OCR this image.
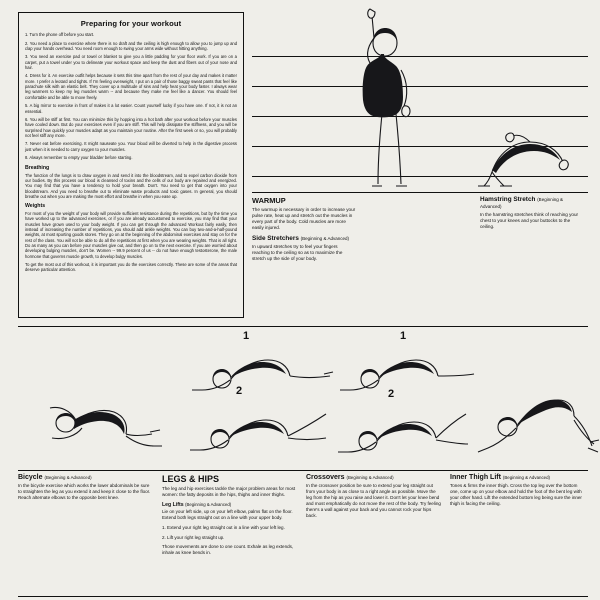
Preparing for your workout

1. Turn the phone off before you start.

2. You need a place to exercise where there is no draft and the ceiling is high enough to allow you to jump up and clap your hands overhead. You need room enough to swing your arms wide without hitting anything.

3. You need an exercise pad or towel or blanket to give you a little padding for your floor work. If you are on a carpet, put a towel under you to delineate your workout space and keep the dust and fibers out of your nose and hair.

4. Dress for it. An exercise outfit helps because it sets this time apart from the rest of your day and makes it matter more. I prefer a leotard and tights. If I'm feeling overweight, I put on a pair of those baggy sweat pants that feel like parachute silk with an elastic belt. They cover up a multitude of sins and help heat your body faster. I always wear leg warmers to keep my leg muscles warm -- and because they make me feel like a dancer. You should feel comfortable and be able to move freely.

5. A big mirror to exercise in front of makes it a lot easier. Count yourself lucky if you have one. If not, it is not an essential.

6. You will be stiff at first. You can minimize this by hopping into a hot bath after your workout before your muscles have cooled down. But do your exercises even if you are stiff. This will help dissipate the stiffness, and you will be surprised how quickly your muscles adapt as you maintain your routine. After the first week or so, you will probably not feel stiff any more.

7. Never eat before exercising. It might nauseate you. Your blood will be diverted to help in the digestive process just when it is needed to carry oxygen to your muscles.

8. Always remember to empty your bladder before starting.

Breathing

The function of the lungs is to draw oxygen in and send it into the bloodstream, and to expel carbon dioxide from our bodies. By this process our blood is cleansed of toxins and the cells of our body are repaired and energized. You may find that you have a tendency to hold your breath. Don't. You need to get that oxygen into your bloodstream. And you need to breathe out to eliminate waste products and toxic gases. In general, you should breathe out when you are making the most effort and breathe in when you ease up.

Weights

For most of you the weight of your body will provide sufficient resistance during the repetitions, but by the time you have worked up to the advanced exercises, or if you are already accustomed to exercise, you may find that your muscles have grown used to your body weight. If you can get through the advanced Workout fairly easily, then instead of increasing the number of repetitions, you should add ankle weights. You can buy two-and-a-half-pound weights, at most sporting goods stores. They go on at the beginning of the abdominal exercises and stay on for the rest of the class. You will not be able to do all the repetitions at first when you are wearing weights. That is all right. Do as many as you can before your muscles give out, and then go on to the next exercise. If you are worried about developing bulging muscles, don't be. Women -- 99.9 percent of us -- do not have enough testosterone, the male hormone that governs muscle growth, to develop bulgy muscles.

To get the most out of this workout, it is important you do the exercises correctly. These are some of the areas that deserve particular attention.

WARMUP

The warmup is necessary in order to increase your pulse rate, heat up and stretch out the muscles in every part of the body. Cold muscles are more easily injured.

Side Stretchers (Beginning & Advanced)

In upward stretches try to feel your fingers reaching to the ceiling so as to maximize the stretch up the side of your body.

Hamstring Stretch (Beginning & Advanced)

In the hamstring stretches think of reaching your chest to your knees and your buttocks to the ceiling.

1
2
1
2
Bicycle (Beginning & Advanced)

In the bicycle exercise which works the lower abdominals be sure to straighten the leg as you extend it and keep it close to the floor. Reach alternate elbows to the opposite bent knee.

LEGS & HIPS

The leg and hip exercises tackle the major problem areas for most women: the fatty deposits in the hips, thighs and inner thighs.

Leg Lifts (Beginning & Advanced)

Lie on your left side, up on your left elbow, palms flat on the floor. Extend both legs straight out on a line with your upper body.

1. Extend your right leg straight out in a line with your left leg.

2. Lift your right leg straight up.

Those movements are done to one count. Exhale as leg extends, inhale as knee bends in.

Crossovers (Beginning & Advanced)

In the crossover position be sure to extend your leg straight out from your body in as close to a right angle as possible. Move the leg from the hip as you raise and lower it. Don't let your knee bend and most emphatically do not move the rest of the body. Try feeling there's a wall against your back and you cannot rock your hips back.

Inner Thigh Lift (Beginning & Advanced)

Tones & firms the inner thigh. Cross the top leg over the bottom one, come up on your elbow and hold the foot of the bent leg with your other hand. Lift the extended bottom leg being sure the inner thigh is facing the ceiling.
